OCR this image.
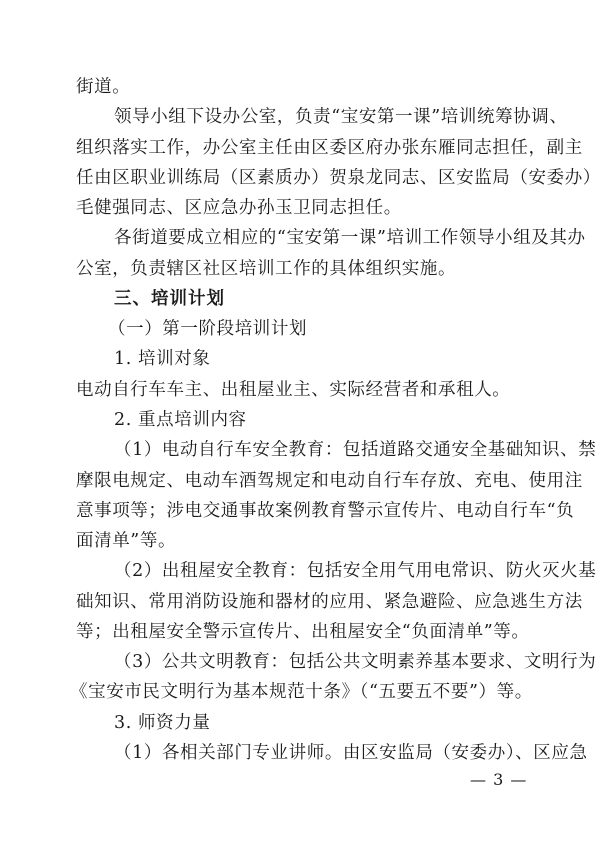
街道。
领导小组下设办公室，负责“宝安第一课”培训统筹协调、
组织落实工作，办公室主任由区委区府办张东雁同志担任，副主
任由区职业训练局（区素质办）贺泉龙同志、区安监局（安委办）
毛健强同志、区应急办孙玉卫同志担任。
各街道要成立相应的“宝安第一课”培训工作领导小组及其办
公室，负责辖区社区培训工作的具体组织实施。
三、培训计划
（一）第一阶段培训计划
1. 培训对象
电动自行车车主、出租屋业主、实际经营者和承租人。
2. 重点培训内容
（1）电动自行车安全教育：包括道路交通安全基础知识、禁
摩限电规定、电动车酒驾规定和电动自行车存放、充电、使用注
意事项等；涉电交通事故案例教育警示宣传片、电动自行车“负
面清单”等。
（2）出租屋安全教育：包括安全用气用电常识、防火灭火基
础知识、常用消防设施和器材的应用、紧急避险、应急逃生方法
等；出租屋安全警示宣传片、出租屋安全“负面清单”等。
（3）公共文明教育：包括公共文明素养基本要求、文明行为
《宝安市民文明行为基本规范十条》（“五要五不要”）等。
3. 师资力量
（1）各相关部门专业讲师。由区安监局（安委办）、区应急
— 3 —
